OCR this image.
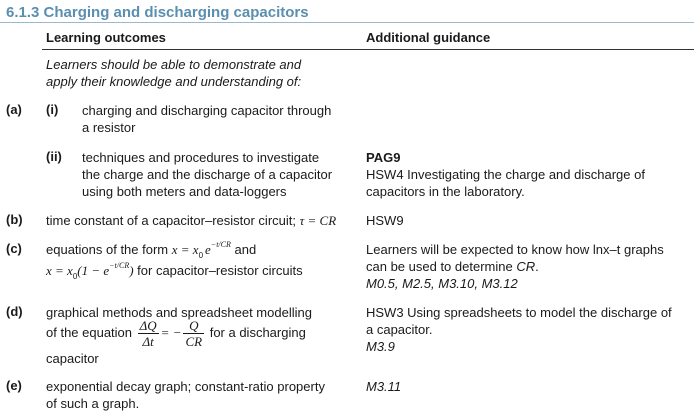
6.1.3 Charging and discharging capacitors
Learning outcomes	Additional guidance
Learners should be able to demonstrate and
apply their knowledge and understanding of:
(a) (i) charging and discharging capacitor through
a resistor
(ii) techniques and procedures to investigate
the charge and the discharge of a capacitor
using both meters and data-loggers
PAG9
HSW4 Investigating the charge and discharge of
capacitors in the laboratory.
(b) time constant of a capacitor–resistor circuit; τ = CR HSW9
(c) equations of the form $x = x_0$ $e^{-t/CR}$ and
$x = x_0(1 - e^{-t/CR})$ for capacitor–resistor circuits
Learners will be expected to know how lnx–t graphs
can be used to determine CR.
M0.5, M2.5, M3.10, M3.12
(d) graphical methods and spreadsheet modelling
of the equation $\frac{\Delta Q}{\Delta t}$ = − $\frac{Q}{CR}$ for a discharging
capacitor
HSW3 Using spreadsheets to model the discharge of
a capacitor.
M3.9
(e) exponential decay graph; constant-ratio property
of such a graph.
M3.11
